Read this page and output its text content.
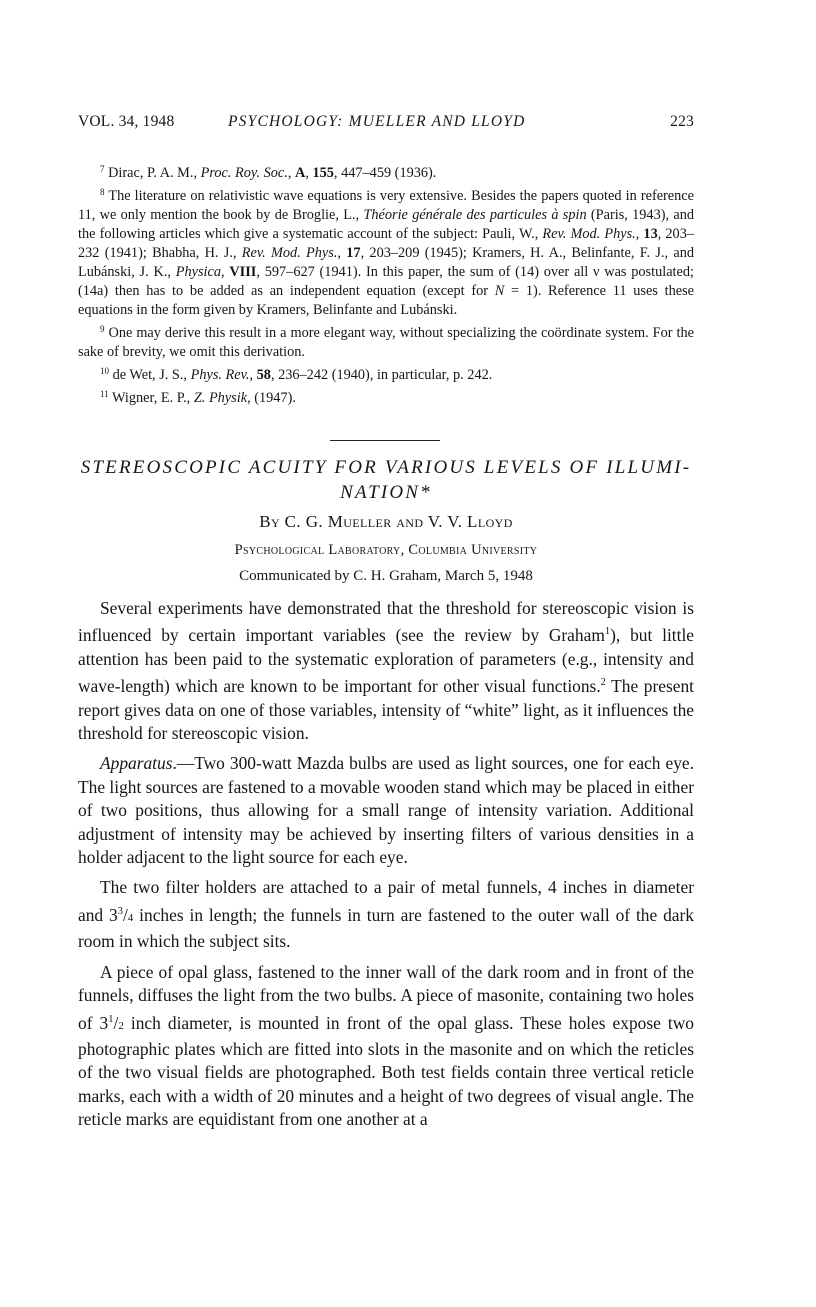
VOL. 34, 1948	PSYCHOLOGY: MUELLER AND LLOYD	223

$^7$ Dirac, P. A. M., Proc. Roy. Soc., A, 155, 447–459 (1936).

$^8$ The literature on relativistic wave equations is very extensive. Besides the papers quoted in reference 11, we only mention the book by de Broglie, L., Théorie générale des particules à spin (Paris, 1943), and the following articles which give a systematic account of the subject: Pauli, W., Rev. Mod. Phys., 13, 203–232 (1941); Bhabha, H. J., Rev. Mod. Phys., 17, 203–209 (1945); Kramers, H. A., Belinfante, F. J., and Lubánski, J. K., Physica, VIII, 597–627 (1941). In this paper, the sum of (14) over all ν was postulated; (14a) then has to be added as an independent equation (except for N = 1). Reference 11 uses these equations in the form given by Kramers, Belinfante and Lubánski.

$^9$ One may derive this result in a more elegant way, without specializing the coördinate system. For the sake of brevity, we omit this derivation.

$^{10}$ de Wet, J. S., Phys. Rev., 58, 236–242 (1940), in particular, p. 242.

$^{11}$ Wigner, E. P., Z. Physik, (1947).

STEREOSCOPIC ACUITY FOR VARIOUS LEVELS OF ILLUMI-
NATION*
By C. G. Mueller and V. V. Lloyd
Psychological Laboratory, Columbia University
Communicated by C. H. Graham, March 5, 1948

Several experiments have demonstrated that the threshold for stereoscopic vision is influenced by certain important variables (see the review by Graham$^1$), but little attention has been paid to the systematic exploration of parameters (e.g., intensity and wave-length) which are known to be important for other visual functions.$^2$ The present report gives data on one of those variables, intensity of “white” light, as it influences the threshold for stereoscopic vision.

Apparatus.—Two 300-watt Mazda bulbs are used as light sources, one for each eye. The light sources are fastened to a movable wooden stand which may be placed in either of two positions, thus allowing for a small range of intensity variation. Additional adjustment of intensity may be achieved by inserting filters of various densities in a holder adjacent to the light source for each eye.

The two filter holders are attached to a pair of metal funnels, 4 inches in diameter and $3^3/4$ inches in length; the funnels in turn are fastened to the outer wall of the dark room in which the subject sits.

A piece of opal glass, fastened to the inner wall of the dark room and in front of the funnels, diffuses the light from the two bulbs. A piece of masonite, containing two holes of $3^1/2$ inch diameter, is mounted in front of the opal glass. These holes expose two photographic plates which are fitted into slots in the masonite and on which the reticles of the two visual fields are photographed. Both test fields contain three vertical reticle marks, each with a width of 20 minutes and a height of two degrees of visual angle. The reticle marks are equidistant from one another at a
